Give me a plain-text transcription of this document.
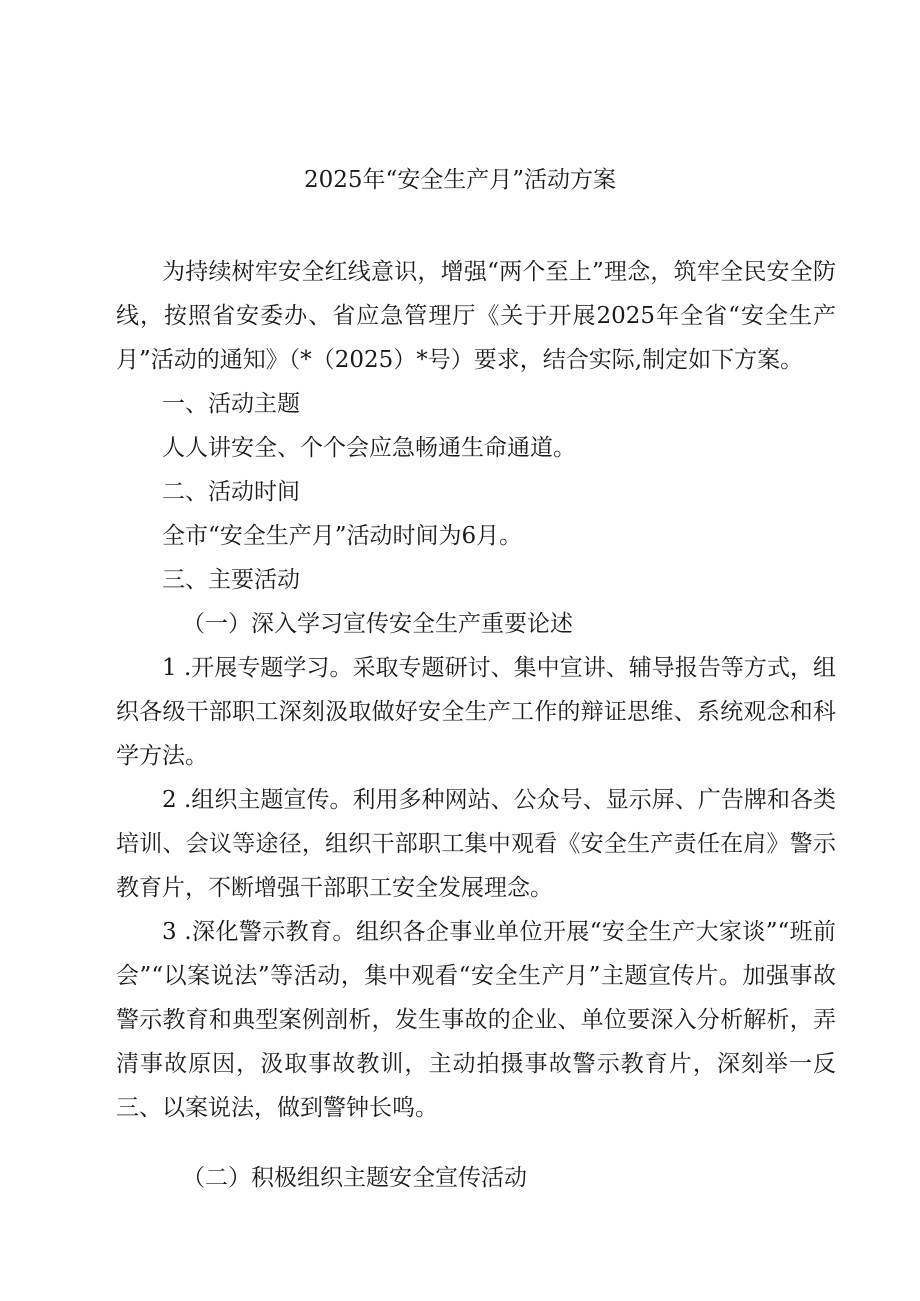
2025年“安全生产月”活动方案

为持续树牢安全红线意识，增强“两个至上”理念，筑牢全民安全防线，按照省安委办、省应急管理厅《关于开展2025年全省“安全生产月”活动的通知》（*（2025）*号）要求，结合实际,制定如下方案。

一、活动主题

人人讲安全、个个会应急畅通生命通道。

二、活动时间

全市“安全生产月”活动时间为6月。

三、主要活动

（一）深入学习宣传安全生产重要论述

1 .开展专题学习。采取专题研讨、集中宣讲、辅导报告等方式，组织各级干部职工深刻汲取做好安全生产工作的辩证思维、系统观念和科学方法。

2 .组织主题宣传。利用多种网站、公众号、显示屏、广告牌和各类培训、会议等途径，组织干部职工集中观看《安全生产责任在肩》警示教育片，不断增强干部职工安全发展理念。

3 .深化警示教育。组织各企事业单位开展“安全生产大家谈”“班前会”“以案说法”等活动，集中观看“安全生产月”主题宣传片。加强事故警示教育和典型案例剖析，发生事故的企业、单位要深入分析解析，弄清事故原因，汲取事故教训，主动拍摄事故警示教育片，深刻举一反三、以案说法，做到警钟长鸣。

（二）积极组织主题安全宣传活动
